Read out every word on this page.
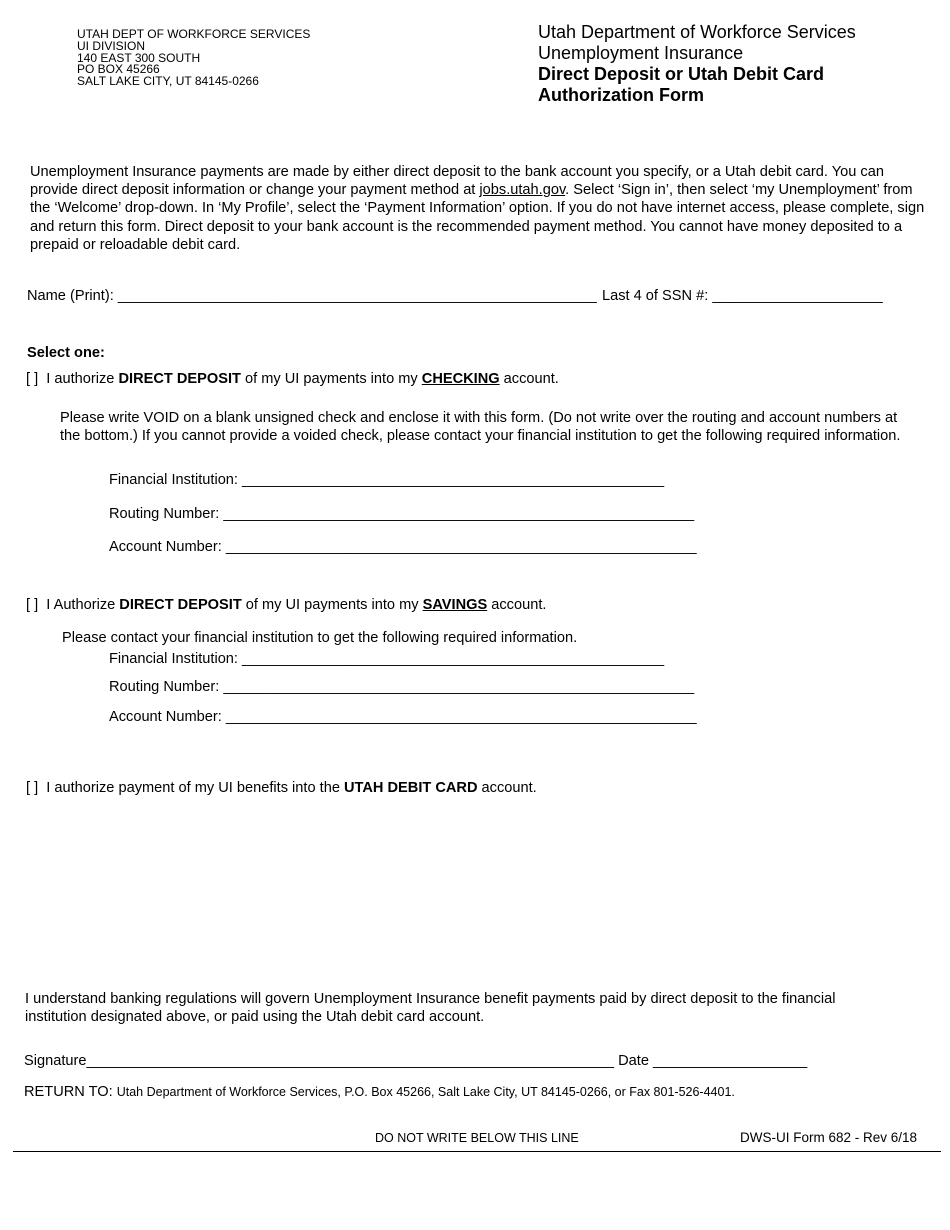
UTAH DEPT OF WORKFORCE SERVICES
UI DIVISION
140 EAST 300 SOUTH
PO BOX 45266
SALT LAKE CITY, UT 84145-0266
Utah Department of Workforce Services
Unemployment Insurance
Direct Deposit or Utah Debit Card
Authorization Form
Unemployment Insurance payments are made by either direct deposit to the bank account you specify, or a Utah debit card. You can provide direct deposit information or change your payment method at jobs.utah.gov. Select ‘Sign in’, then select ‘my Unemployment’ from the ‘Welcome’ drop-down. In ‘My Profile’, select the ‘Payment Information’ option. If you do not have internet access, please complete, sign and return this form. Direct deposit to your bank account is the recommended payment method. You cannot have money deposited to a prepaid or reloadable debit card.
Name (Print): ___________________________________________________________ Last 4 of SSN #: _____________________
Select one:
[ ] I authorize DIRECT DEPOSIT of my UI payments into my CHECKING account.
Please write VOID on a blank unsigned check and enclose it with this form. (Do not write over the routing and account numbers at the bottom.) If you cannot provide a voided check, please contact your financial institution to get the following required information.
Financial Institution: ____________________________________________________
Routing Number: __________________________________________________________
Account Number: __________________________________________________________
[ ] I Authorize DIRECT DEPOSIT of my UI payments into my SAVINGS account.
Please contact your financial institution to get the following required information.
Financial Institution: ____________________________________________________
Routing Number: __________________________________________________________
Account Number: __________________________________________________________
[ ] I authorize payment of my UI benefits into the UTAH DEBIT CARD account.
I understand banking regulations will govern Unemployment Insurance benefit payments paid by direct deposit to the financial institution designated above, or paid using the Utah debit card account.
Signature_________________________________________________________________ Date ___________________
RETURN TO: Utah Department of Workforce Services, P.O. Box 45266, Salt Lake City, UT 84145-0266, or Fax 801-526-4401.
DO NOT WRITE BELOW THIS LINE	DWS-UI Form 682 - Rev 6/18
